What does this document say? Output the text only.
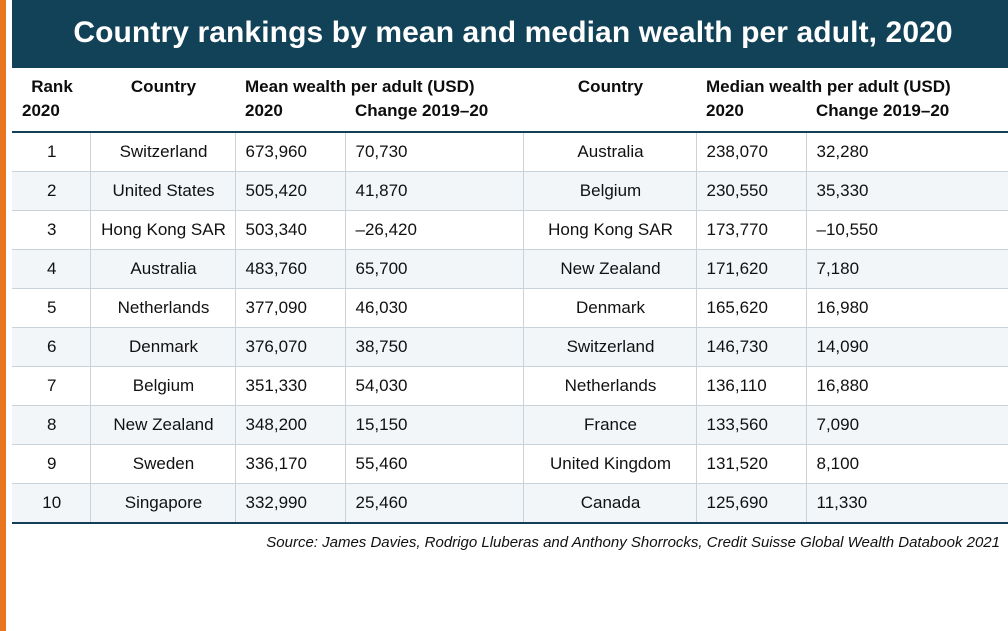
Country rankings by mean and median wealth per adult, 2020
Rank	Country	Mean wealth per adult (USD)		Country	Median wealth per adult (USD)	
2020		2020	Change 2019–20		2020	Change 2019–20
1	Switzerland	673,960	70,730	Australia	238,070	32,280
2	United States	505,420	41,870	Belgium	230,550	35,330
3	Hong Kong SAR	503,340	–26,420	Hong Kong SAR	173,770	–10,550
4	Australia	483,760	65,700	New Zealand	171,620	7,180
5	Netherlands	377,090	46,030	Denmark	165,620	16,980
6	Denmark	376,070	38,750	Switzerland	146,730	14,090
7	Belgium	351,330	54,030	Netherlands	136,110	16,880
8	New Zealand	348,200	15,150	France	133,560	7,090
9	Sweden	336,170	55,460	United Kingdom	131,520	8,100
10	Singapore	332,990	25,460	Canada	125,690	11,330
Source: James Davies, Rodrigo Lluberas and Anthony Shorrocks, Credit Suisse Global Wealth Databook 2021
